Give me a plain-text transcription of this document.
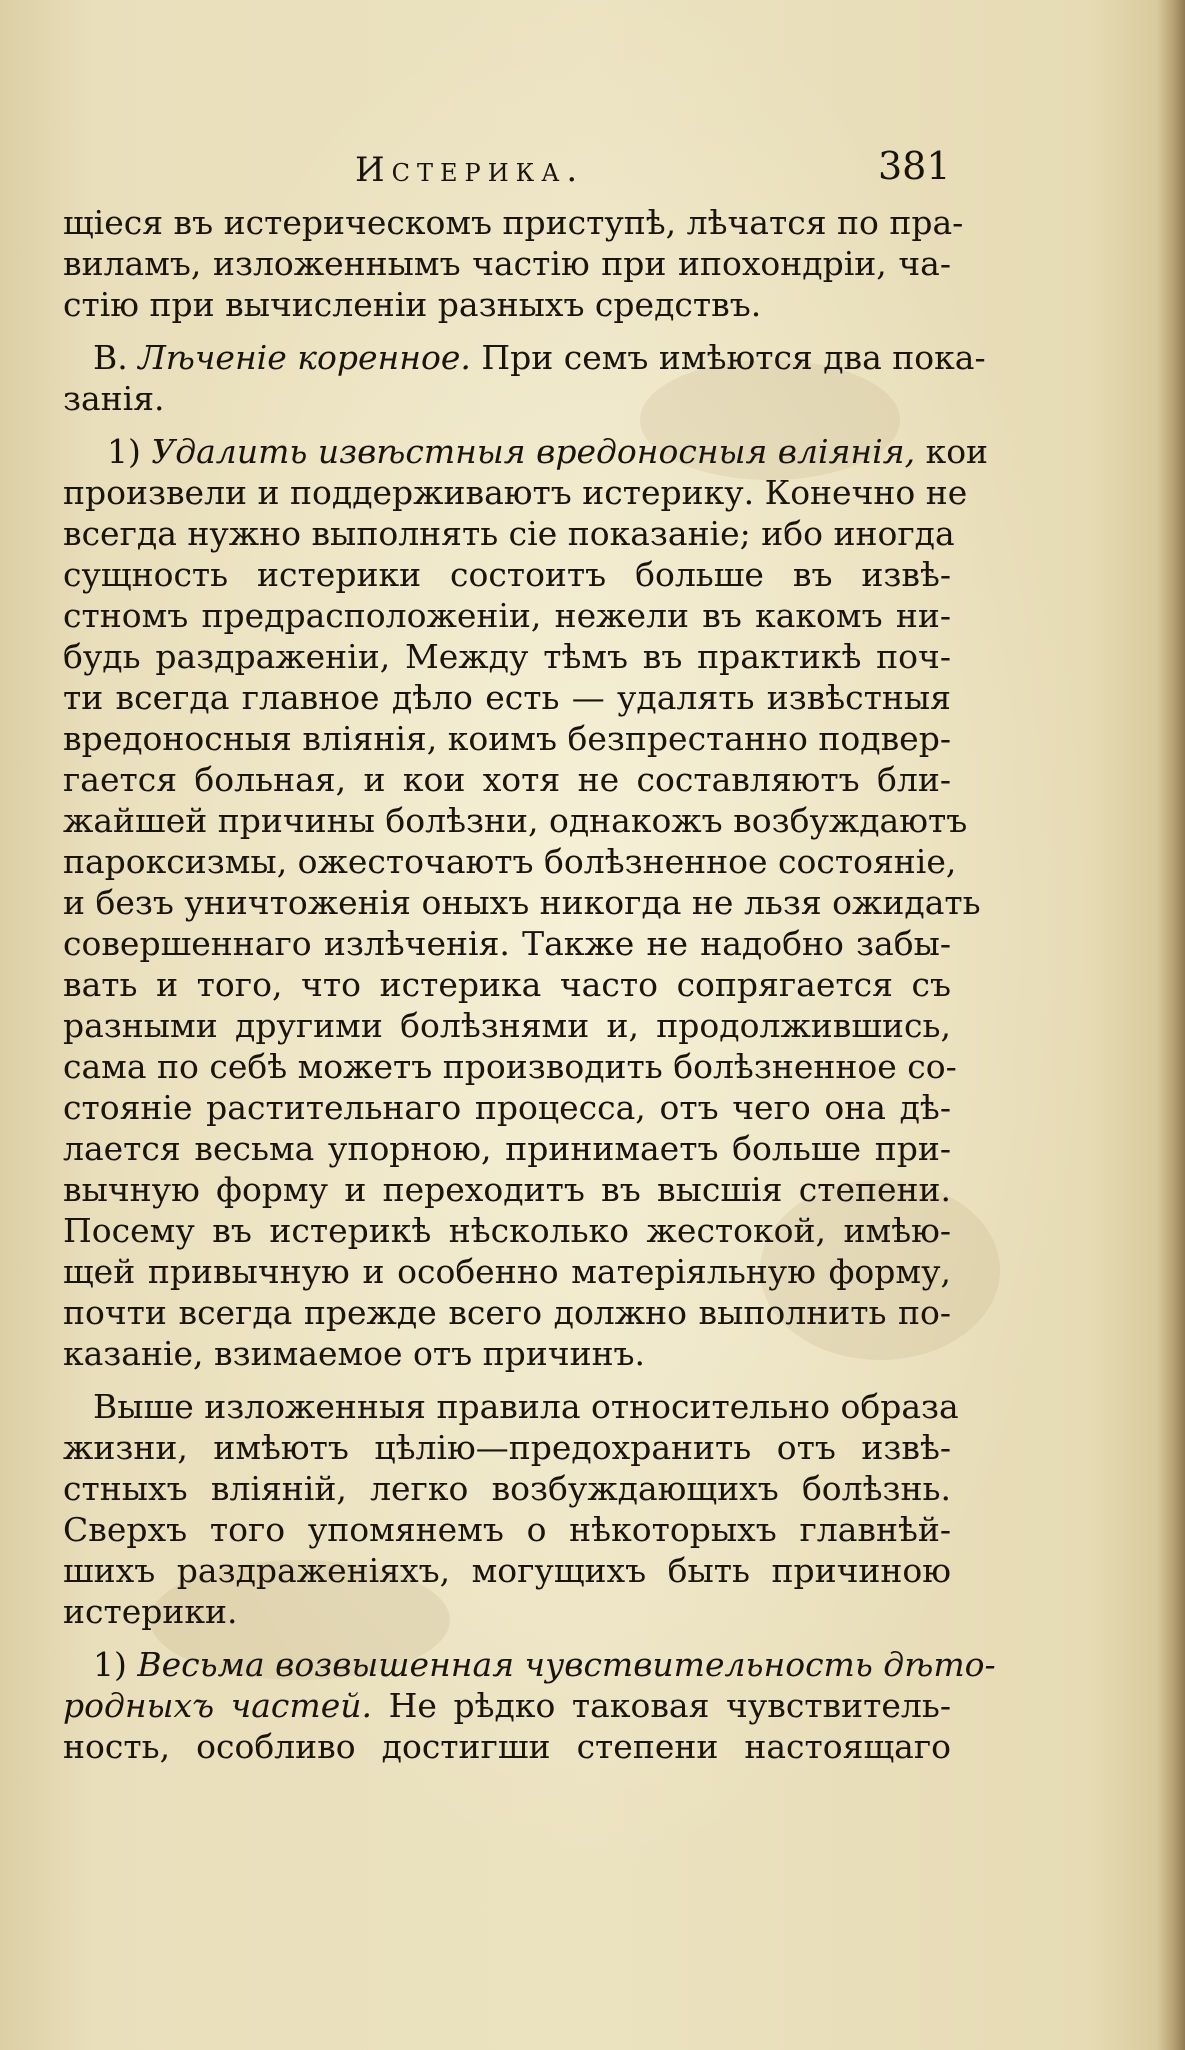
Истерика.	381
щіеся въ истерическомъ приступѣ, лѣчатся по пра-
виламъ, изложеннымъ частію при ипохондріи, ча-
стію при вычисленіи разныхъ средствъ.
В. Лѣченіе коренное. При семъ имѣются два пока-
занія.
1) Удалить извѣстныя вредоносныя вліянія, кои
произвели и поддерживаютъ истерику. Конечно не
всегда нужно выполнять сіе показаніе; ибо иногда
сущность истерики состоитъ больше въ извѣ-
стномъ предрасположеніи, нежели въ какомъ ни-
будь раздраженіи, Между тѣмъ въ практикѣ поч-
ти всегда главное дѣло есть — удалять извѣстныя
вредоносныя вліянія, коимъ безпрестанно подвер-
гается больная, и кои хотя не составляютъ бли-
жайшей причины болѣзни, однакожъ возбуждаютъ
пароксизмы, ожесточаютъ болѣзненное состояніе,
и безъ уничтоженія оныхъ никогда не льзя ожидать
совершеннаго излѣченія. Также не надобно забы-
вать и того, что истерика часто сопрягается съ
разными другими болѣзнями и, продолжившись,
сама по себѣ можетъ производить болѣзненное со-
стояніе растительнаго процесса, отъ чего она дѣ-
лается весьма упорною, принимаетъ больше при-
вычную форму и переходитъ въ высшія степени.
Посему въ истерикѣ нѣсколько жестокой, имѣю-
щей привычную и особенно матеріяльную форму,
почти всегда прежде всего должно выполнить по-
казаніе, взимаемое отъ причинъ.
Выше изложенныя правила относительно образа
жизни, имѣютъ цѣлію—предохранить отъ извѣ-
стныхъ вліяній, легко возбуждающихъ болѣзнь.
Сверхъ того упомянемъ о нѣкоторыхъ главнѣй-
шихъ раздраженіяхъ, могущихъ быть причиною
истерики.
1) Весьма возвышенная чувствительность дѣто-
родныхъ частей. Не рѣдко таковая чувствитель-
ность, особливо достигши степени настоящаго
